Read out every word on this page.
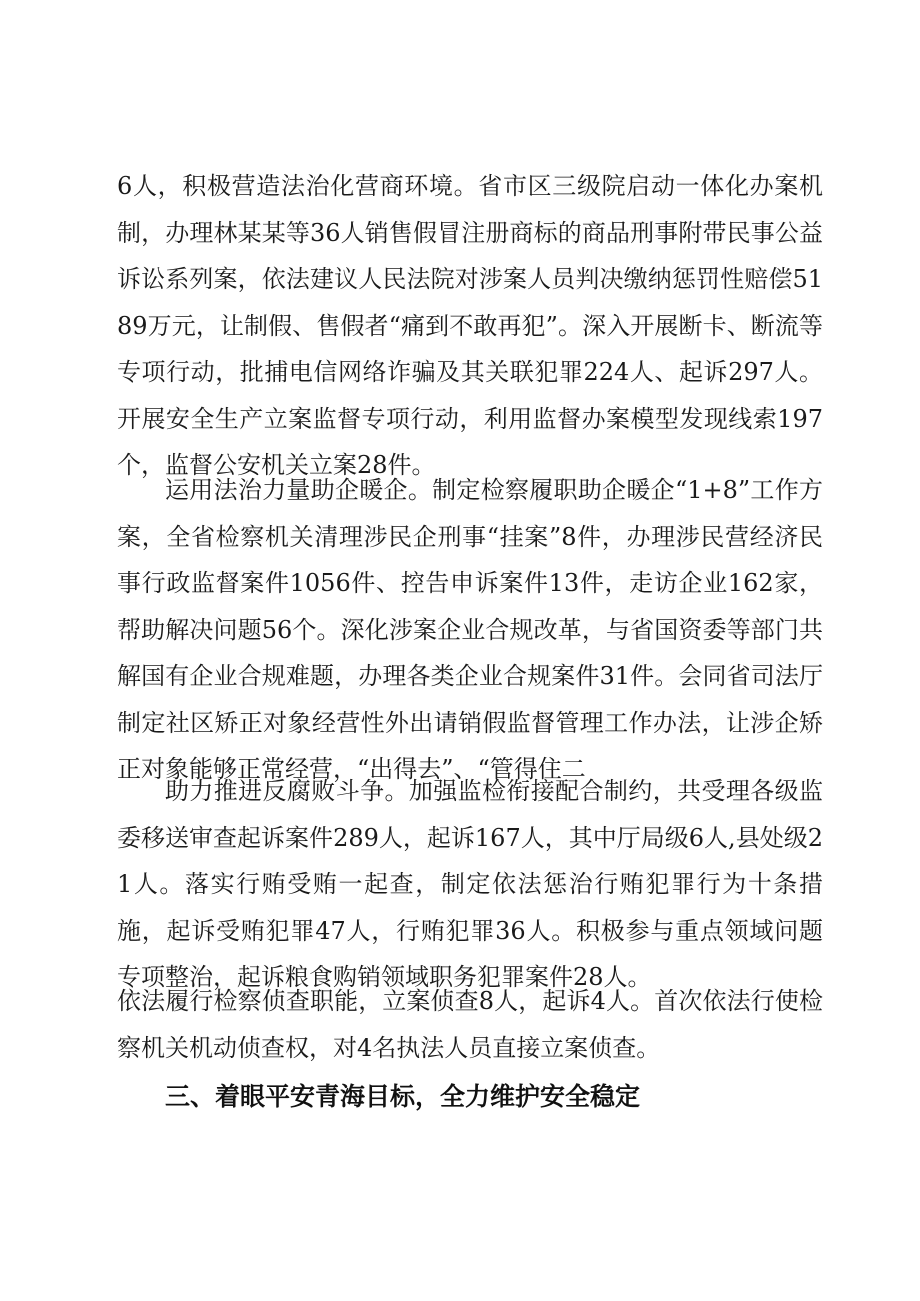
6人，积极营造法治化营商环境。省市区三级院启动一体化办案机制，办理林某某等36人销售假冒注册商标的商品刑事附带民事公益诉讼系列案，依法建议人民法院对涉案人员判决缴纳惩罚性赔偿5189万元，让制假、售假者“痛到不敢再犯”。深入开展断卡、断流等专项行动，批捕电信网络诈骗及其关联犯罪224人、起诉297人。开展安全生产立案监督专项行动，利用监督办案模型发现线索197个，监督公安机关立案28件。

运用法治力量助企暖企。制定检察履职助企暖企“1+8”工作方案，全省检察机关清理涉民企刑事“挂案”8件，办理涉民营经济民事行政监督案件1056件、控告申诉案件13件，走访企业162家，帮助解决问题56个。深化涉案企业合规改革，与省国资委等部门共解国有企业合规难题，办理各类企业合规案件31件。会同省司法厅制定社区矫正对象经营性外出请销假监督管理工作办法，让涉企矫正对象能够正常经营，“出得去”、“管得住二

助力推进反腐败斗争。加强监检衔接配合制约，共受理各级监委移送审查起诉案件289人，起诉167人，其中厅局级6人,县处级21人。落实行贿受贿一起查，制定依法惩治行贿犯罪行为十条措施，起诉受贿犯罪47人，行贿犯罪36人。积极参与重点领域问题专项整治，起诉粮食购销领域职务犯罪案件28人。

依法履行检察侦查职能，立案侦查8人，起诉4人。首次依法行使检察机关机动侦查权，对4名执法人员直接立案侦查。

三、着眼平安青海目标，全力维护安全稳定
